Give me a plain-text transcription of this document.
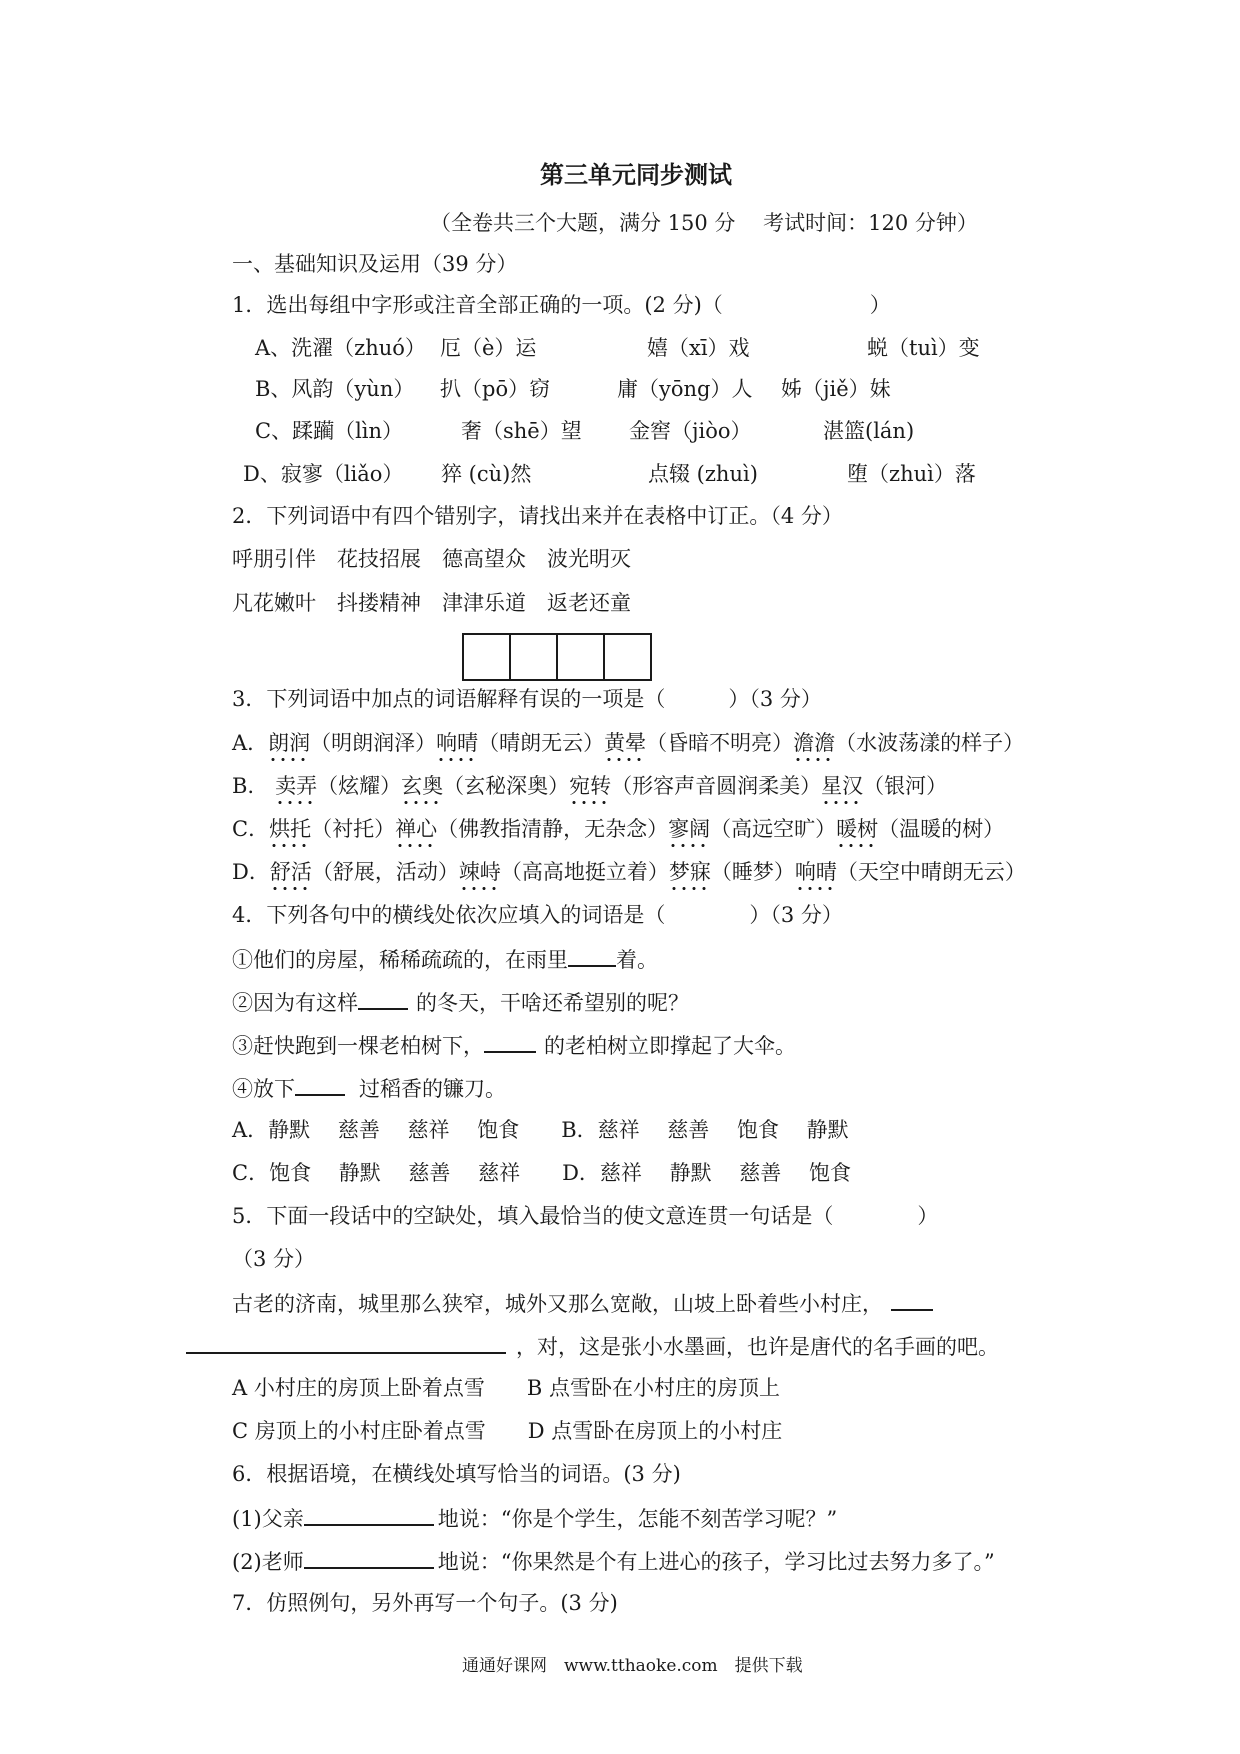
第三单元同步测试
（全卷共三个大题，满分 150 分　 考试时间：120 分钟）
一、基础知识及运用（39 分）
1．选出每组中字形或注音全部正确的一项。(2 分)（　　　　　　　）
A、洗濯（zhuó） 厄（è）运	嬉（xī）戏	蜕（tuì）变
B、风韵（yùn） 扒（pō）窃	庸（yōng）人 姊（jiě）妹
C、蹂躏（lìn）	奢（shē）望 金窖（jiòo）	湛篮(lán)
D、寂寥（liǎo） 猝 (cù)然	点辍 (zhuì)	堕（zhuì）落
2．下列词语中有四个错别字，请找出来并在表格中订正。（4 分）
呼朋引伴　花技招展　德高望众　波光明灭
凡花嫩叶　抖搂精神　津津乐道　返老还童
3．下列词语中加点的词语解释有误的一项是（　　　）（3 分）
A．朗润（明朗润泽）响晴（晴朗无云）黄晕（昏暗不明亮）澹澹（水波荡漾的样子）
B.　卖弄（炫耀）玄奥（玄秘深奥）宛转（形容声音圆润柔美）星汉（银河）
C．烘托（衬托）禅心（佛教指清静，无杂念）寥阔（高远空旷）暖树（温暖的树）
D．舒活（舒展，活动）竦峙（高高地挺立着）梦寐（睡梦）响晴（天空中晴朗无云）
4．下列各句中的横线处依次应填入的词语是（　　　　）（3 分）
①他们的房屋，稀稀疏疏的，在雨里 着。
②因为有这样	的冬天，干啥还希望别的呢？
③赶快跑到一棵老柏树下，	的老柏树立即撑起了大伞。
④放下	过稻香的镰刀。
A．静默　 慈善　 慈祥　 饱食　　B．慈祥　 慈善　 饱食　 静默
C．饱食　 静默　 慈善　 慈祥　　D．慈祥　 静默　 慈善　 饱食
5．下面一段话中的空缺处，填入最恰当的使文意连贯一句话是（　　　　）
（3 分）
古老的济南，城里那么狭窄，城外又那么宽敞，山坡上卧着些小村庄，
，对，这是张小水墨画，也许是唐代的名手画的吧。
A 小村庄的房顶上卧着点雪　　B 点雪卧在小村庄的房顶上
C 房顶上的小村庄卧着点雪　　D 点雪卧在房顶上的小村庄
6．根据语境，在横线处填写恰当的词语。(3 分)
(1)父亲	地说：“你是个学生，怎能不刻苦学习呢？”
(2)老师	地说：“你果然是个有上进心的孩子，学习比过去努力多了。”
7．仿照例句，另外再写一个句子。(3 分)
通通好课网　www.tthaoke.com　提供下载
